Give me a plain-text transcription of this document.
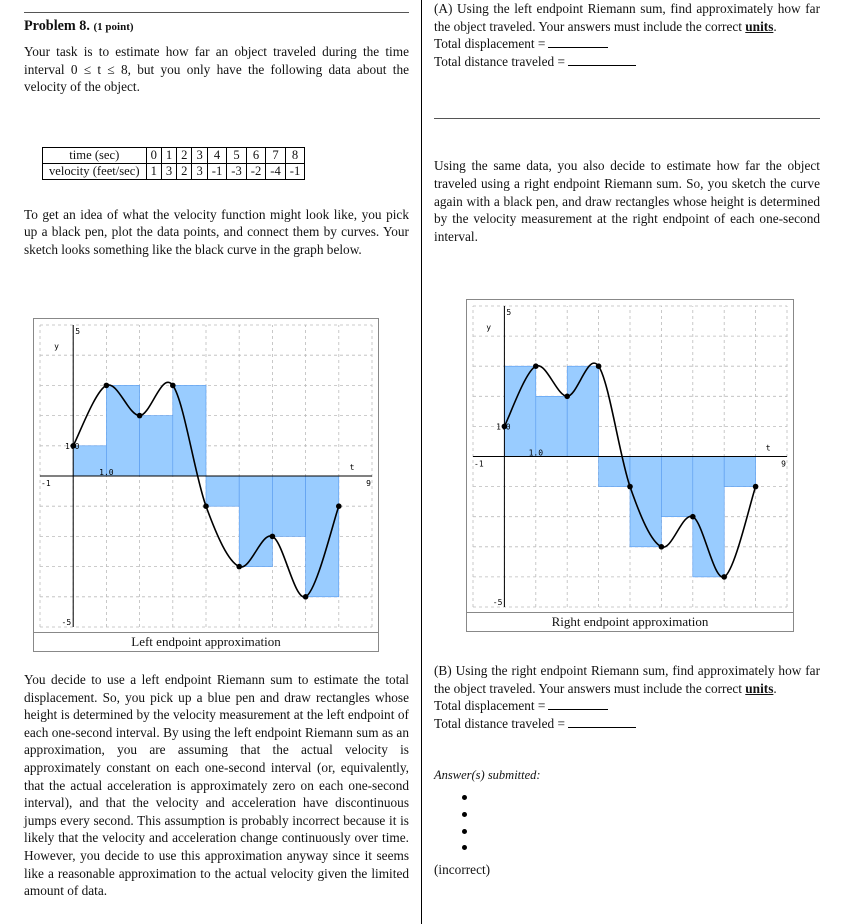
Problem 8. (1 point)

Your task is to estimate how far an object traveled during the time interval 0 ≤ t ≤ 8, but you only have the following data about the velocity of the object.

time (sec)	0	1	2	3	4	5	6	7	8
velocity (feet/sec)	1	3	2	3	-1	-3	-2	-4	-1

To get an idea of what the velocity function might look like, you pick up a black pen, plot the data points, and connect them by curves. Your sketch looks something like the black curve in the graph below.

5
-5
-1	9
1.0
1.0
y
t
Left endpoint approximation

You decide to use a left endpoint Riemann sum to estimate the total displacement. So, you pick up a blue pen and draw rectangles whose height is determined by the velocity measurement at the left endpoint of each one-second interval. By using the left endpoint Riemann sum as an approximation, you are assuming that the actual velocity is approximately constant on each one-second interval (or, equivalently, that the actual acceleration is approximately zero on each one-second interval), and that the velocity and acceleration have discontinuous jumps every second. This assumption is probably incorrect because it is likely that the velocity and acceleration change continuously over time. However, you decide to use this approximation anyway since it seems like a reasonable approximation to the actual velocity given the limited amount of data.

(A) Using the left endpoint Riemann sum, find approximately how far the object traveled. Your answers must include the correct units.

Total displacement =

Total distance traveled =

Using the same data, you also decide to estimate how far the object traveled using a right endpoint Riemann sum. So, you sketch the curve again with a black pen, and draw rectangles whose height is determined by the velocity measurement at the right endpoint of each one-second interval.

5
-5
-1	9
1.0
1.0
y
t
Right endpoint approximation

(B) Using the right endpoint Riemann sum, find approximately how far the object traveled. Your answers must include the correct units.

Total displacement =

Total distance traveled =

Answer(s) submitted:
(incorrect)
